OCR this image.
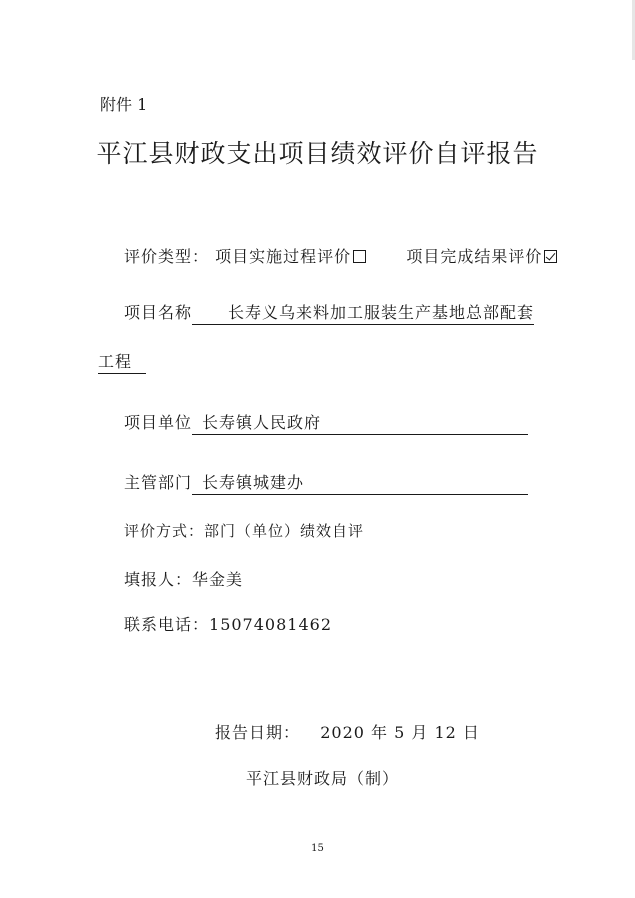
附件 1
平江县财政支出项目绩效评价自评报告
评价类型： 项目实施过程评价	项目完成结果评价
项目名称 长寿义乌来料加工服装生产基地总部配套
工程
项目单位 长寿镇人民政府
主管部门 长寿镇城建办
评价方式：部门（单位）绩效自评
填报人：华金美
联系电话：15074081462
报告日期： 2020 年 5 月 12 日
平江县财政局（制）
15
